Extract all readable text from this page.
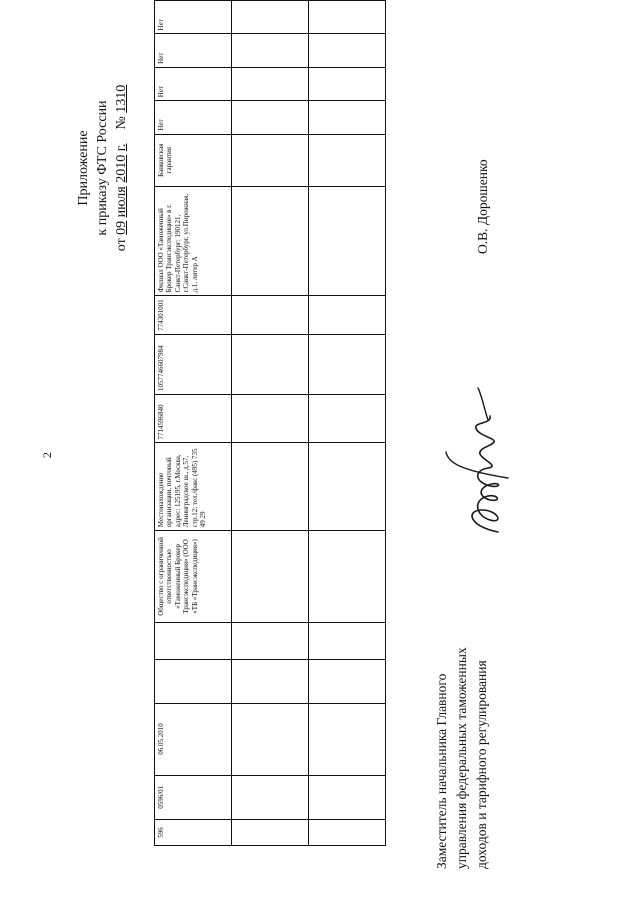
2
Приложение к приказу ФТС России
от 09 июля 2010 г.    № 1310
596	0596/01	06.05.2010			Общество с ограниченной ответственностью «Таможенный Брокер Трансэкспедиция» (ООО «ТБ «Трансэкспедиция»)	Местонахождение организации, почтовый адрес: 125195, г.Москва, Ленинградское ш., д.57, стр.12; тел./факс (495) 735 49 29	7714596840	1057746607984	774301001	Филиал ООО «Таможенный Брокер Трансэкспедиция» в г. Санкт-Петербург: 190121, г.Санкт-Петербург, ул.Пирожная, д.1, литер А	Банковская гарантия	Нет	Нет	Нет	Нет

Заместитель начальника Главного управления федеральных таможенных доходов и тарифного регулирования
О.В. Дорошенко
